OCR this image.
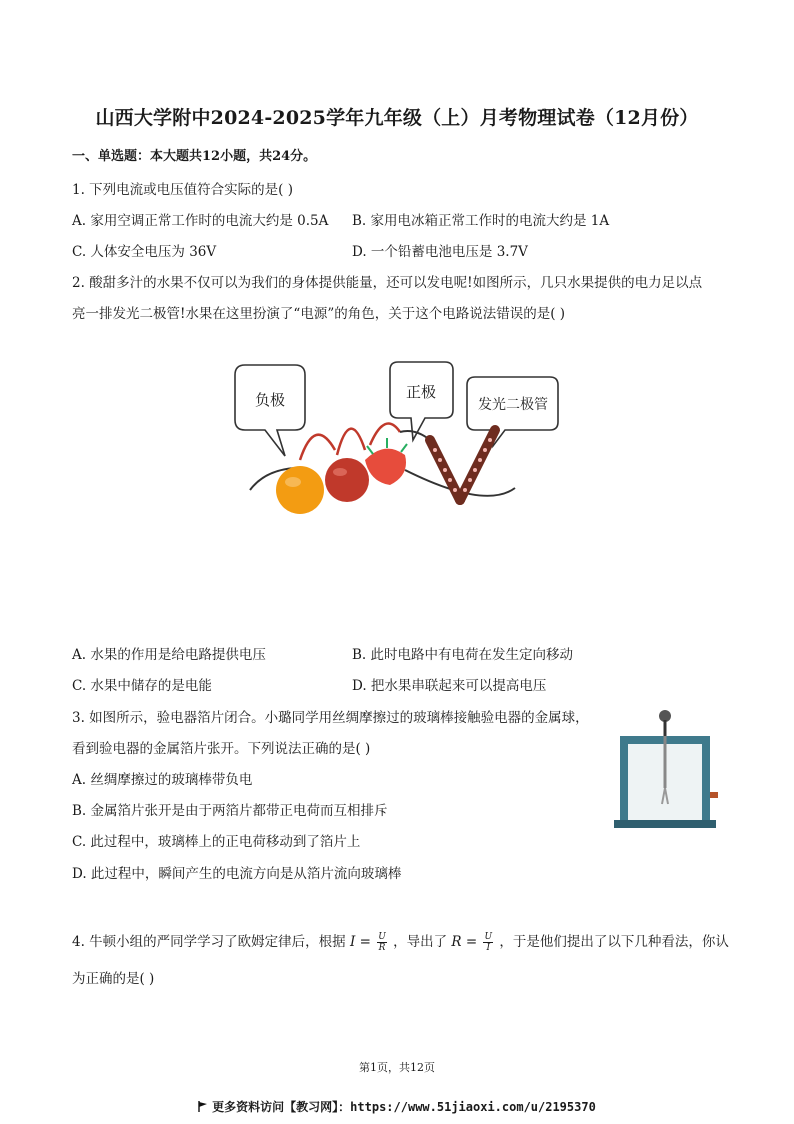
山西大学附中2024-2025学年九年级（上）月考物理试卷（12月份）
一、单选题：本大题共12小题，共24分。
1. 下列电流或电压值符合实际的是( )
A. 家用空调正常工作时的电流大约是 0.5A B. 家用电冰箱正常工作时的电流大约是 1A
C. 人体安全电压为 36V	D. 一个铅蓄电池电压是 3.7V
2. 酸甜多汁的水果不仅可以为我们的身体提供能量，还可以发电呢!如图所示，几只水果提供的电力足以点
亮一排发光二极管!水果在这里扮演了“电源”的角色，关于这个电路说法错误的是( )
负极	正极
发光二极管
A. 水果的作用是给电路提供电压	B. 此时电路中有电荷在发生定向移动
C. 水果中储存的是电能	D. 把水果串联起来可以提高电压
3. 如图所示，验电器箔片闭合。小璐同学用丝绸摩擦过的玻璃棒接触验电器的金属球，
看到验电器的金属箔片张开。下列说法正确的是( )
A. 丝绸摩擦过的玻璃棒带负电
B. 金属箔片张开是由于两箔片都带正电荷而互相排斥
C. 此过程中，玻璃棒上的正电荷移动到了箔片上
D. 此过程中，瞬间产生的电流方向是从箔片流向玻璃棒
4. 牛顿小组的严同学学习了欧姆定律后，根据 $I = \frac{U}{R}$ ，导出了 $R = \frac{U}{I}$ ，于是他们提出了以下几种看法，你认
为正确的是( )
第1页，共12页
更多资料访问【教习网】：https://www.51jiaoxi.com/u/2195370
